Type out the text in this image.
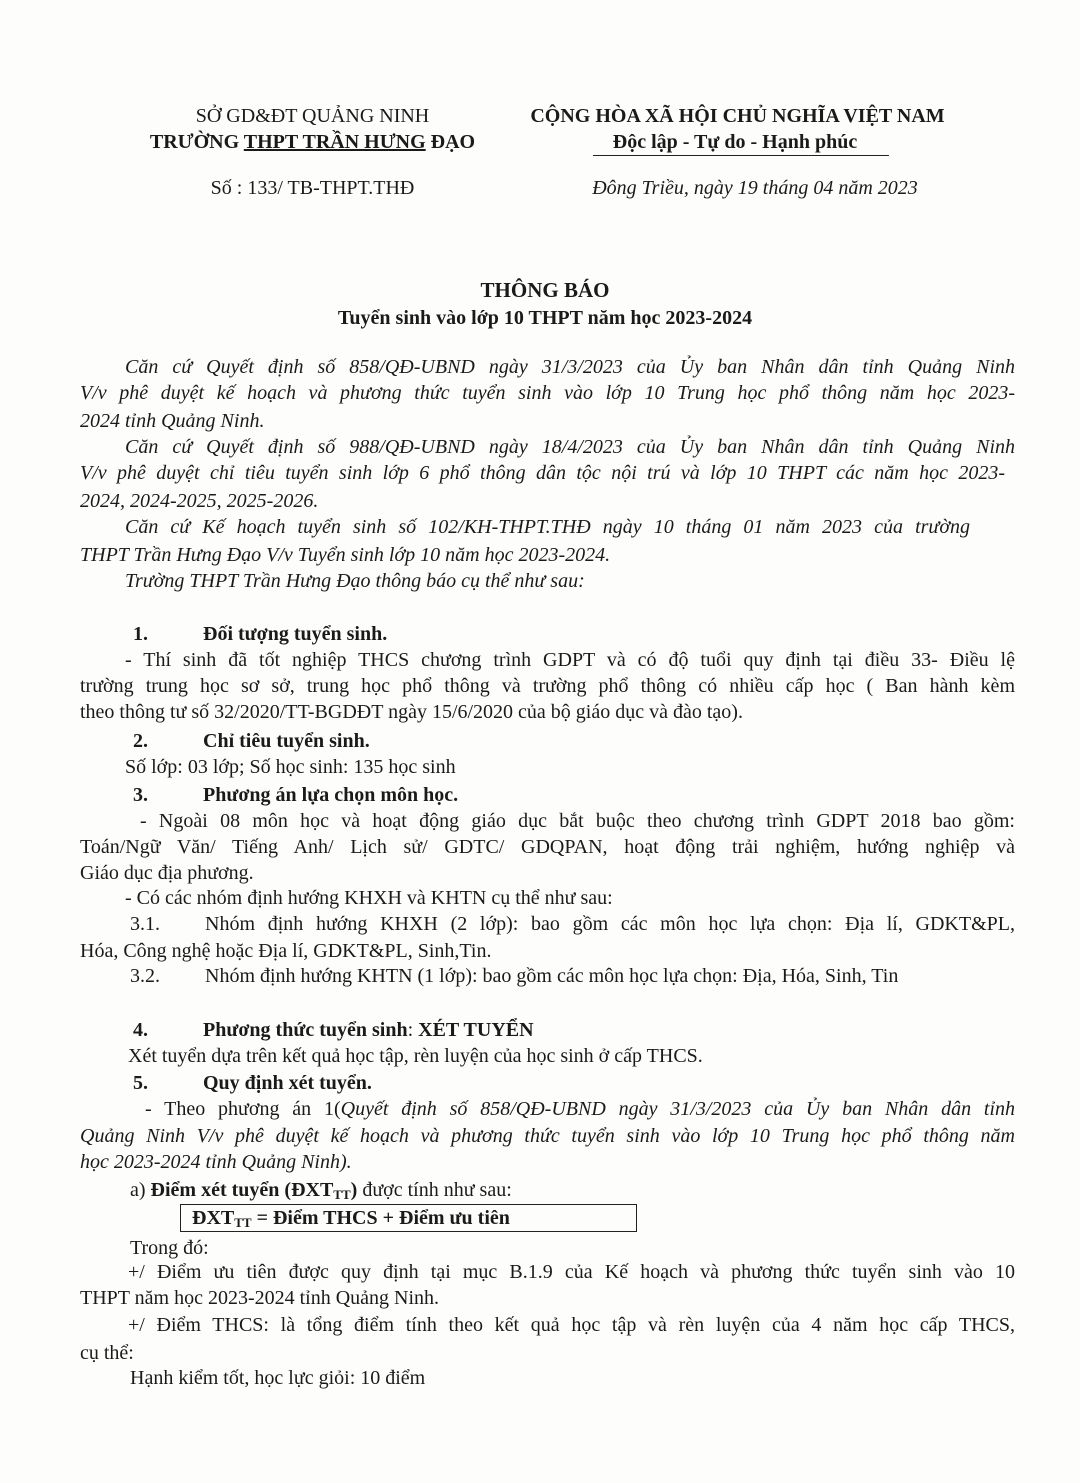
SỞ GD&ĐT QUẢNG NINH
TRƯỜNG THPT TRẦN HƯNG ĐẠO
CỘNG HÒA XÃ HỘI CHỦ NGHĨA VIỆT NAM
Độc lập - Tự do - Hạnh phúc
Số : 133/ TB-THPT.THĐ	Đông Triều, ngày 19 tháng 04 năm 2023
THÔNG BÁO
Tuyển sinh vào lớp 10 THPT năm học 2023-2024
Căn cứ Quyết định số 858/QĐ-UBND ngày 31/3/2023 của Ủy ban Nhân dân tỉnh Quảng Ninh
V/v phê duyệt kế hoạch và phương thức tuyển sinh vào lớp 10 Trung học phổ thông năm học 2023-
2024 tỉnh Quảng Ninh.
Căn cứ Quyết định số 988/QĐ-UBND ngày 18/4/2023 của Ủy ban Nhân dân tỉnh Quảng Ninh
V/v phê duyệt chỉ tiêu tuyển sinh lớp 6 phổ thông dân tộc nội trú và lớp 10 THPT các năm học 2023-
2024, 2024-2025, 2025-2026.
Căn cứ Kế hoạch tuyển sinh số 102/KH-THPT.THĐ ngày 10 tháng 01 năm 2023 của trường
THPT Trần Hưng Đạo V/v Tuyển sinh lớp 10 năm học 2023-2024.
Trường THPT Trần Hưng Đạo thông báo cụ thể như sau:
1.	Đối tượng tuyển sinh.
- Thí sinh đã tốt nghiệp THCS chương trình GDPT và có độ tuổi quy định tại điều 33- Điều lệ
trường trung học sơ sở, trung học phổ thông và trường phổ thông có nhiều cấp học ( Ban hành kèm
theo thông tư số 32/2020/TT-BGDĐT ngày 15/6/2020 của bộ giáo dục và đào tạo).
2.	Chỉ tiêu tuyển sinh.
Số lớp: 03 lớp; Số học sinh: 135 học sinh
3.	Phương án lựa chọn môn học.
- Ngoài 08 môn học và hoạt động giáo dục bắt buộc theo chương trình GDPT 2018 bao gồm:
Toán/Ngữ Văn/ Tiếng Anh/ Lịch sử/ GDTC/ GDQPAN, hoạt động trải nghiệm, hướng nghiệp và
Giáo dục địa phương.
- Có các nhóm định hướng KHXH và KHTN cụ thể như sau:
3.1. Nhóm định hướng KHXH (2 lớp): bao gồm các môn học lựa chọn: Địa lí, GDKT&PL,
Hóa, Công nghệ hoặc Địa lí, GDKT&PL, Sinh,Tin.
3.2. Nhóm định hướng KHTN (1 lớp): bao gồm các môn học lựa chọn: Địa, Hóa, Sinh, Tin
4.	Phương thức tuyển sinh: XÉT TUYỂN
Xét tuyển dựa trên kết quả học tập, rèn luyện của học sinh ở cấp THCS.
5.	Quy định xét tuyển.
- Theo phương án 1(Quyết định số 858/QĐ-UBND ngày 31/3/2023 của Ủy ban Nhân dân tỉnh
Quảng Ninh V/v phê duyệt kế hoạch và phương thức tuyển sinh vào lớp 10 Trung học phổ thông năm
học 2023-2024 tỉnh Quảng Ninh).
a) Điểm xét tuyển $(ĐXT_{TT})$ được tính như sau:
$ĐXT_{TT}$ = Điểm THCS + Điểm ưu tiên
Trong đó:
+/ Điểm ưu tiên được quy định tại mục B.1.9 của Kế hoạch và phương thức tuyển sinh vào 10
THPT năm học 2023-2024 tỉnh Quảng Ninh.
+/ Điểm THCS: là tổng điểm tính theo kết quả học tập và rèn luyện của 4 năm học cấp THCS,
cụ thể:
Hạnh kiểm tốt, học lực giỏi: 10 điểm
